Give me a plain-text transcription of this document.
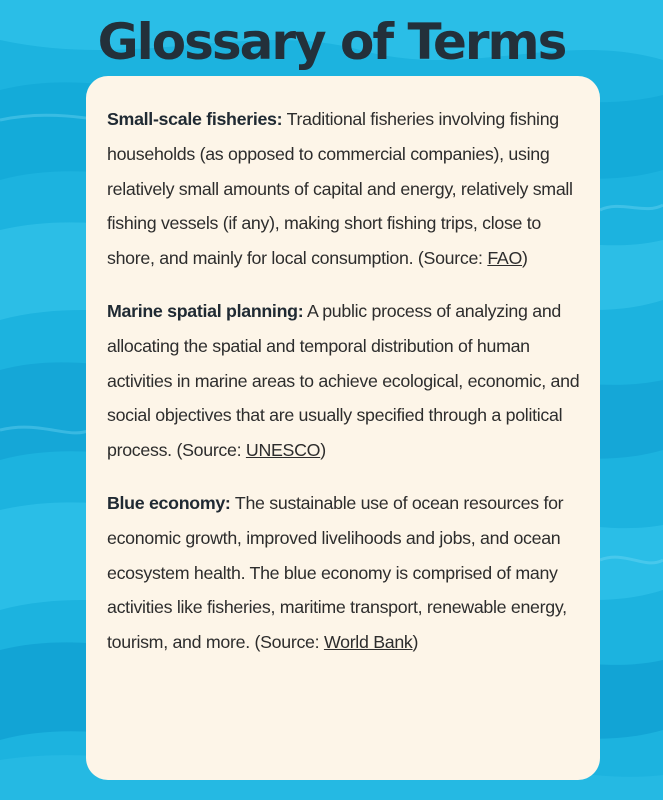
Glossary of Terms

Small-scale fisheries: Traditional fisheries involving fishing households (as opposed to commercial companies), using relatively small amounts of capital and energy, relatively small fishing vessels (if any), making short fishing trips, close to shore, and mainly for local consumption. (Source: FAO)

Marine spatial planning: A public process of analyzing and allocating the spatial and temporal distribution of human activities in marine areas to achieve ecological, economic, and social objectives that are usually specified through a political process. (Source: UNESCO)

Blue economy: The sustainable use of ocean resources for economic growth, improved livelihoods and jobs, and ocean ecosystem health. The blue economy is comprised of many activities like fisheries, maritime transport, renewable energy, tourism, and more. (Source: World Bank)
